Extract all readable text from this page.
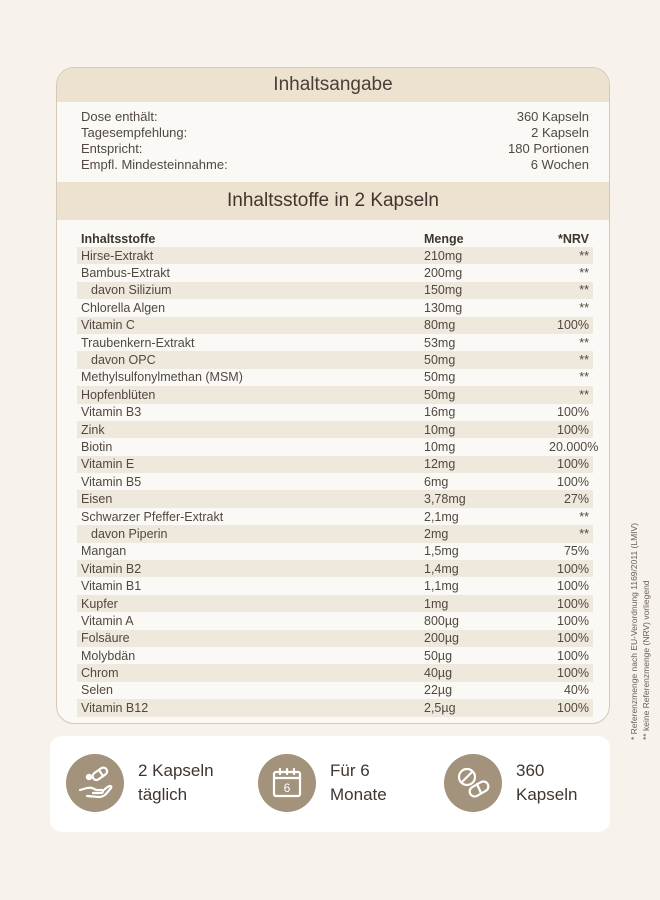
Inhaltsangabe
Dose enthält:	360 Kapseln
Tagesempfehlung:	2 Kapseln
Entspricht:	180 Portionen
Empfl. Mindesteinnahme:	6 Wochen
Inhaltsstoffe in 2 Kapseln
Inhaltsstoffe	Menge	*NRV
Hirse-Extrakt	210mg	**
Bambus-Extrakt	200mg	**
davon Silizium	150mg	**
Chlorella Algen	130mg	**
Vitamin C	80mg	100%
Traubenkern-Extrakt	53mg	**
davon OPC	50mg	**
Methylsulfonylmethan (MSM)	50mg	**
Hopfenblüten	50mg	**
Vitamin B3	16mg	100%
Zink	10mg	100%
Biotin	10mg	20.000%
Vitamin E	12mg	100%
Vitamin B5	6mg	100%
Eisen	3,78mg	27%
Schwarzer Pfeffer-Extrakt	2,1mg	**
davon Piperin	2mg	**
Mangan	1,5mg	75%
Vitamin B2	1,4mg	100%
Vitamin B1	1,1mg	100%
Kupfer	1mg	100%
Vitamin A	800µg	100%
Folsäure	200µg	100%
Molybdän	50µg	100%
Chrom	40µg	100%
Selen	22µg	40%
Vitamin B12	2,5µg	100%	* Referenzmenge nach EU-Verordnung 1169/2011 (LMIV) ** keine Referenzmenge (NRV) vorliegend
2 Kapseln
täglich	6
Für 6
Monate
360
Kapseln
